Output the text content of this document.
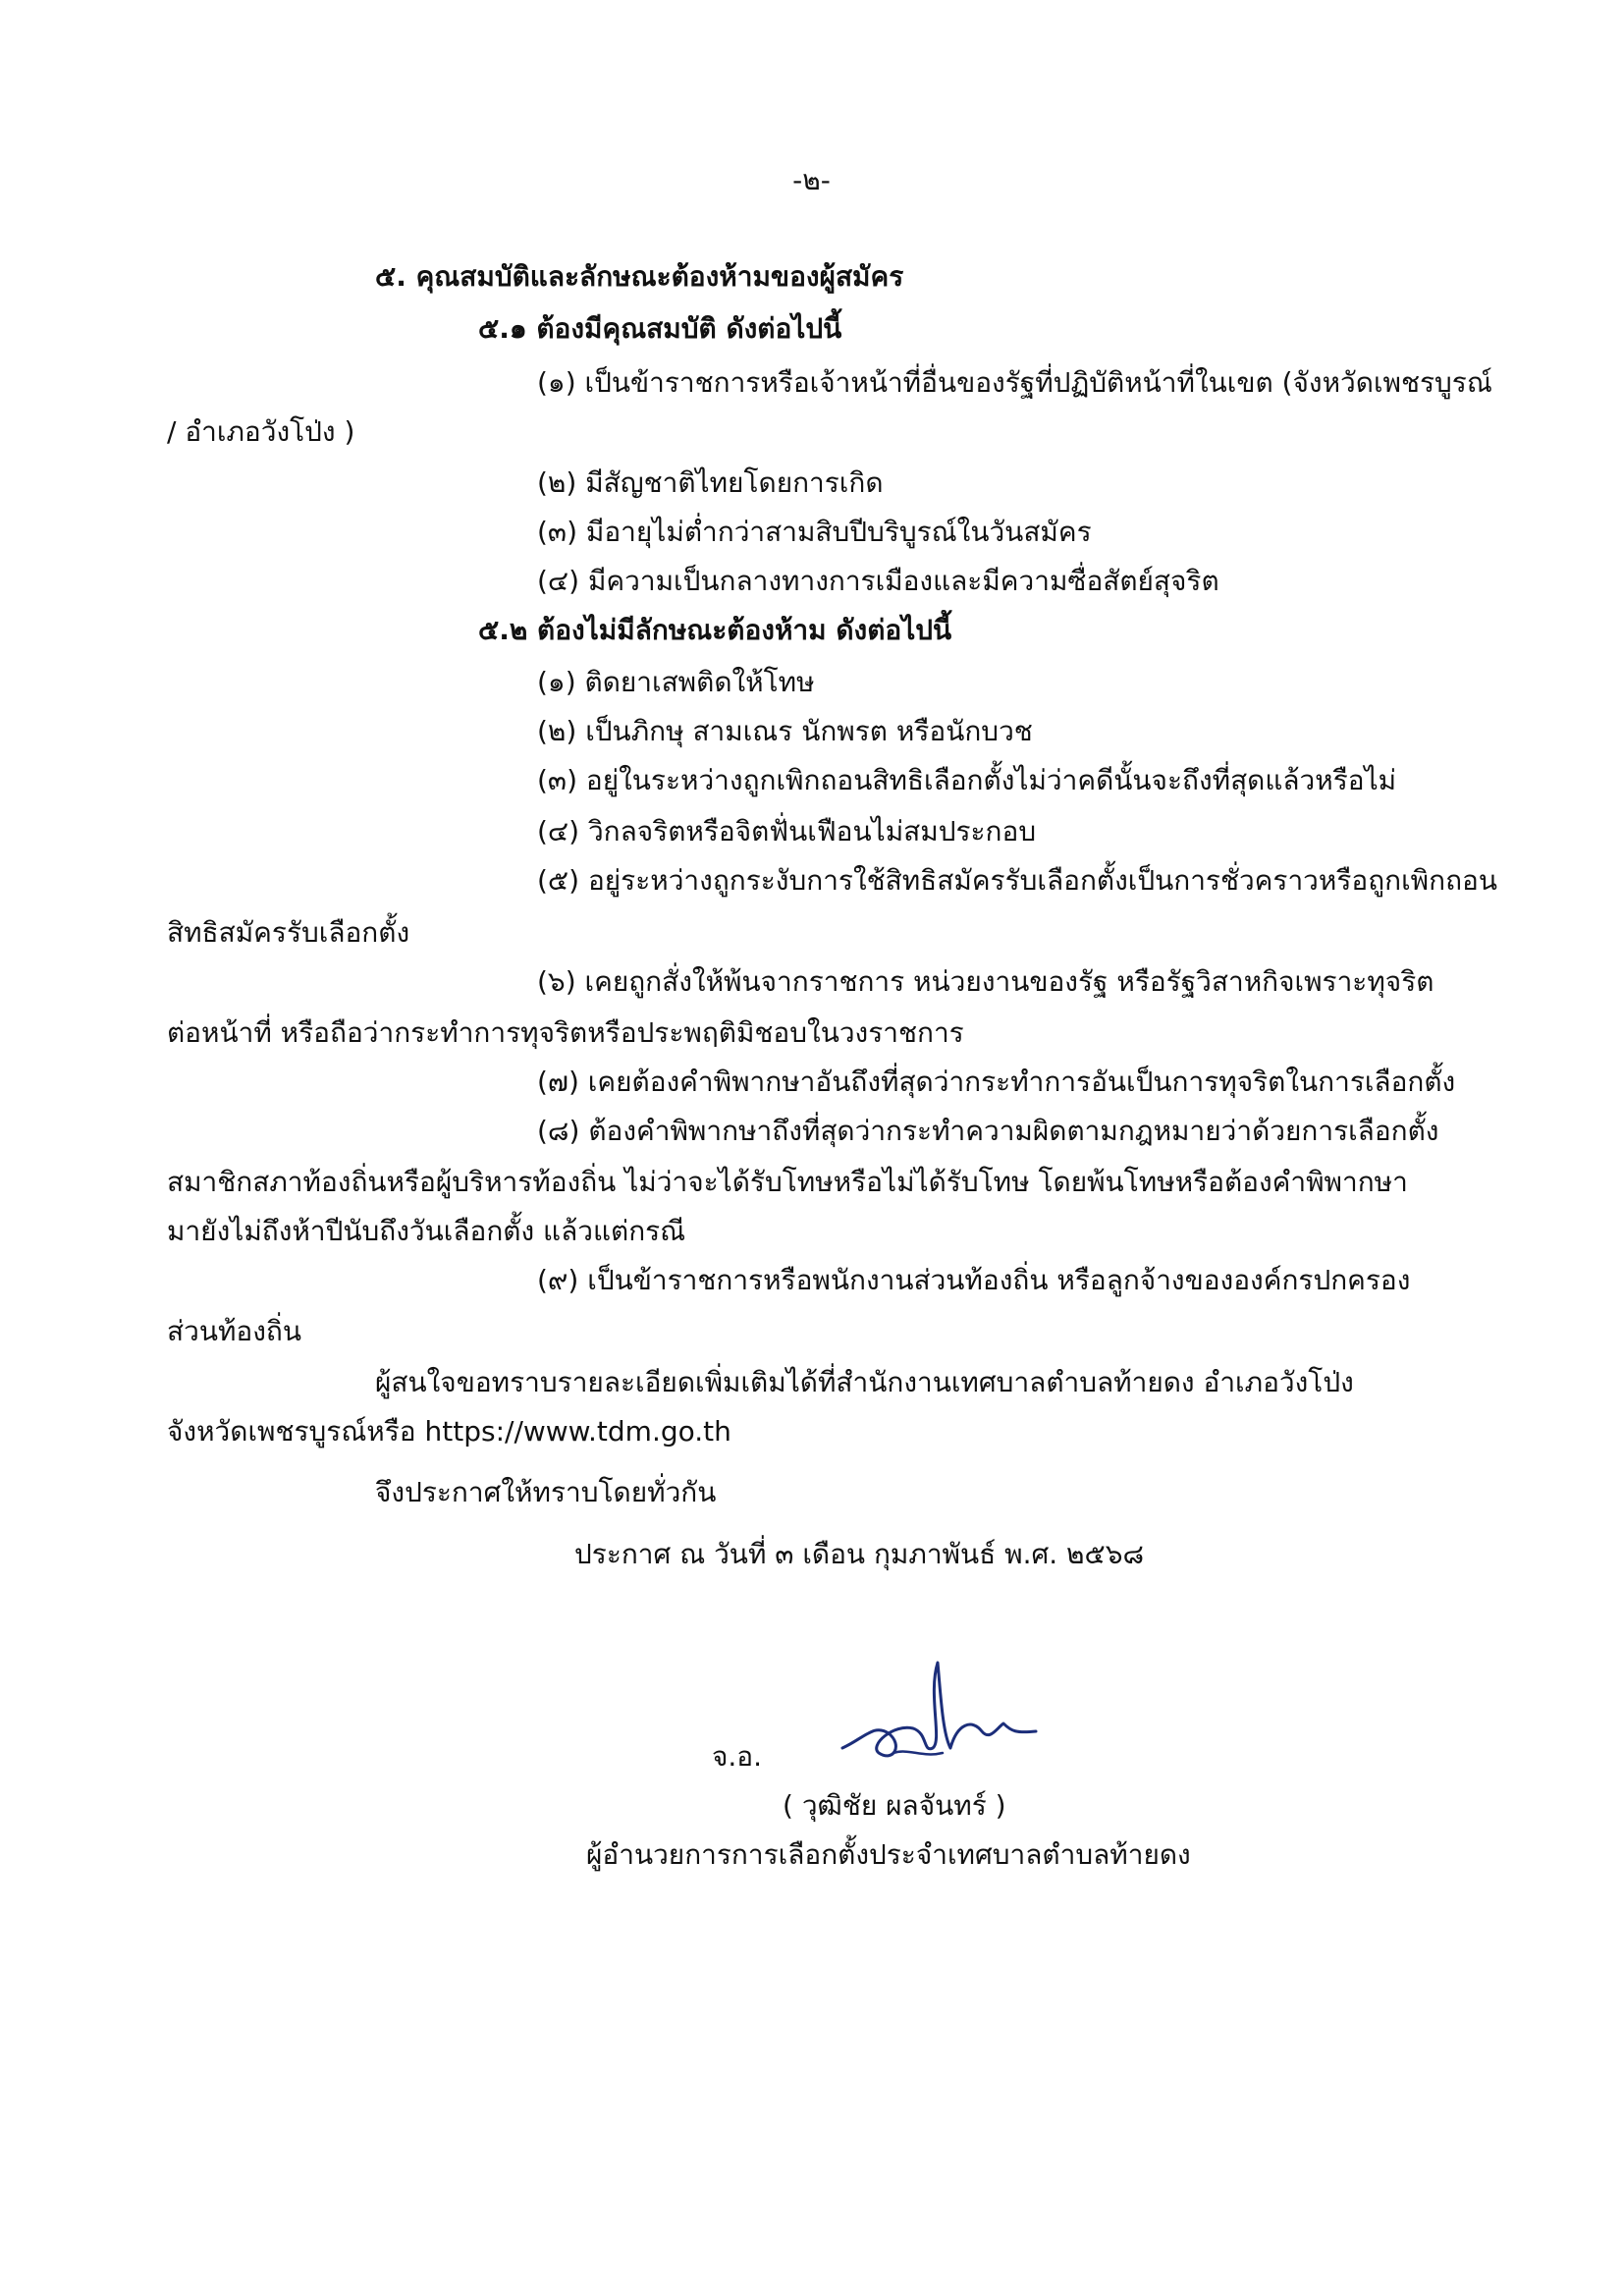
-๒-
๕. คุณสมบัติและลักษณะต้องห้ามของผู้สมัคร
๕.๑ ต้องมีคุณสมบัติ ดังต่อไปนี้
(๑) เป็นข้าราชการหรือเจ้าหน้าที่อื่นของรัฐที่ปฏิบัติหน้าที่ในเขต (จังหวัดเพชรบูรณ์
/ อำเภอวังโป่ง )
(๒) มีสัญชาติไทยโดยการเกิด
(๓) มีอายุไม่ต่ำกว่าสามสิบปีบริบูรณ์ในวันสมัคร
(๔) มีความเป็นกลางทางการเมืองและมีความซื่อสัตย์สุจริต
๕.๒ ต้องไม่มีลักษณะต้องห้าม ดังต่อไปนี้
(๑) ติดยาเสพติดให้โทษ
(๒) เป็นภิกษุ สามเณร นักพรต หรือนักบวช
(๓) อยู่ในระหว่างถูกเพิกถอนสิทธิเลือกตั้งไม่ว่าคดีนั้นจะถึงที่สุดแล้วหรือไม่
(๔) วิกลจริตหรือจิตฟั่นเฟือนไม่สมประกอบ
(๕) อยู่ระหว่างถูกระงับการใช้สิทธิสมัครรับเลือกตั้งเป็นการชั่วคราวหรือถูกเพิกถอน
สิทธิสมัครรับเลือกตั้ง
(๖) เคยถูกสั่งให้พ้นจากราชการ หน่วยงานของรัฐ หรือรัฐวิสาหกิจเพราะทุจริต
ต่อหน้าที่ หรือถือว่ากระทำการทุจริตหรือประพฤติมิชอบในวงราชการ
(๗) เคยต้องคำพิพากษาอันถึงที่สุดว่ากระทำการอันเป็นการทุจริตในการเลือกตั้ง
(๘) ต้องคำพิพากษาถึงที่สุดว่ากระทำความผิดตามกฎหมายว่าด้วยการเลือกตั้ง
สมาชิกสภาท้องถิ่นหรือผู้บริหารท้องถิ่น ไม่ว่าจะได้รับโทษหรือไม่ได้รับโทษ โดยพ้นโทษหรือต้องคำพิพากษา
มายังไม่ถึงห้าปีนับถึงวันเลือกตั้ง แล้วแต่กรณี
(๙) เป็นข้าราชการหรือพนักงานส่วนท้องถิ่น หรือลูกจ้างขององค์กรปกครอง
ส่วนท้องถิ่น
ผู้สนใจขอทราบรายละเอียดเพิ่มเติมได้ที่สำนักงานเทศบาลตำบลท้ายดง อำเภอวังโป่ง
จังหวัดเพชรบูรณ์หรือ https://www.tdm.go.th
จึงประกาศให้ทราบโดยทั่วกัน
ประกาศ ณ วันที่ ๓ เดือน กุมภาพันธ์ พ.ศ. ๒๕๖๘
จ.อ.
( วุฒิชัย ผลจันทร์ )
ผู้อำนวยการการเลือกตั้งประจำเทศบาลตำบลท้ายดง
